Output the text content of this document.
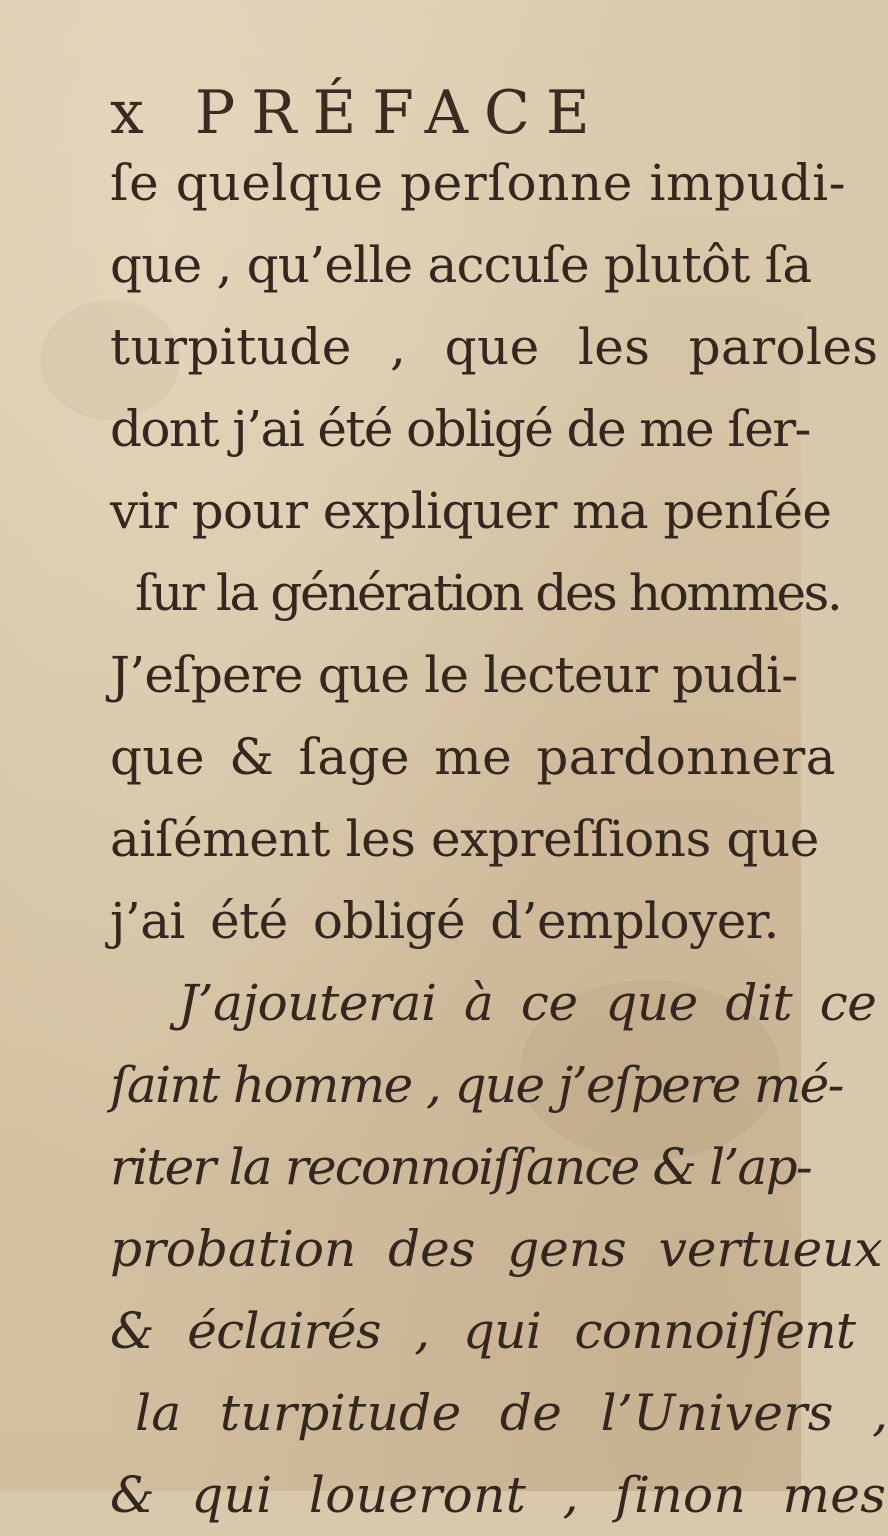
x PRÉFACE
ſe quelque perſonne impudi-
que , qu’elle accuſe plutôt ſa
turpitude , que les paroles
dont j’ai été obligé de me ſer-
vir pour expliquer ma penſée
ſur la génération des hommes.
J’eſpere que le lecteur pudi-
que & ſage me pardonnera
aiſément les expreſſions que
j’ai été obligé d’employer.
J’ajouterai à ce que dit ce
ſaint homme , que j’eſpere mé-
riter la reconnoiſſance & l’ap-
probation des gens vertueux
& éclairés , qui connoiſſent
la turpitude de l’Univers ,
& qui loueront , ſinon mes
